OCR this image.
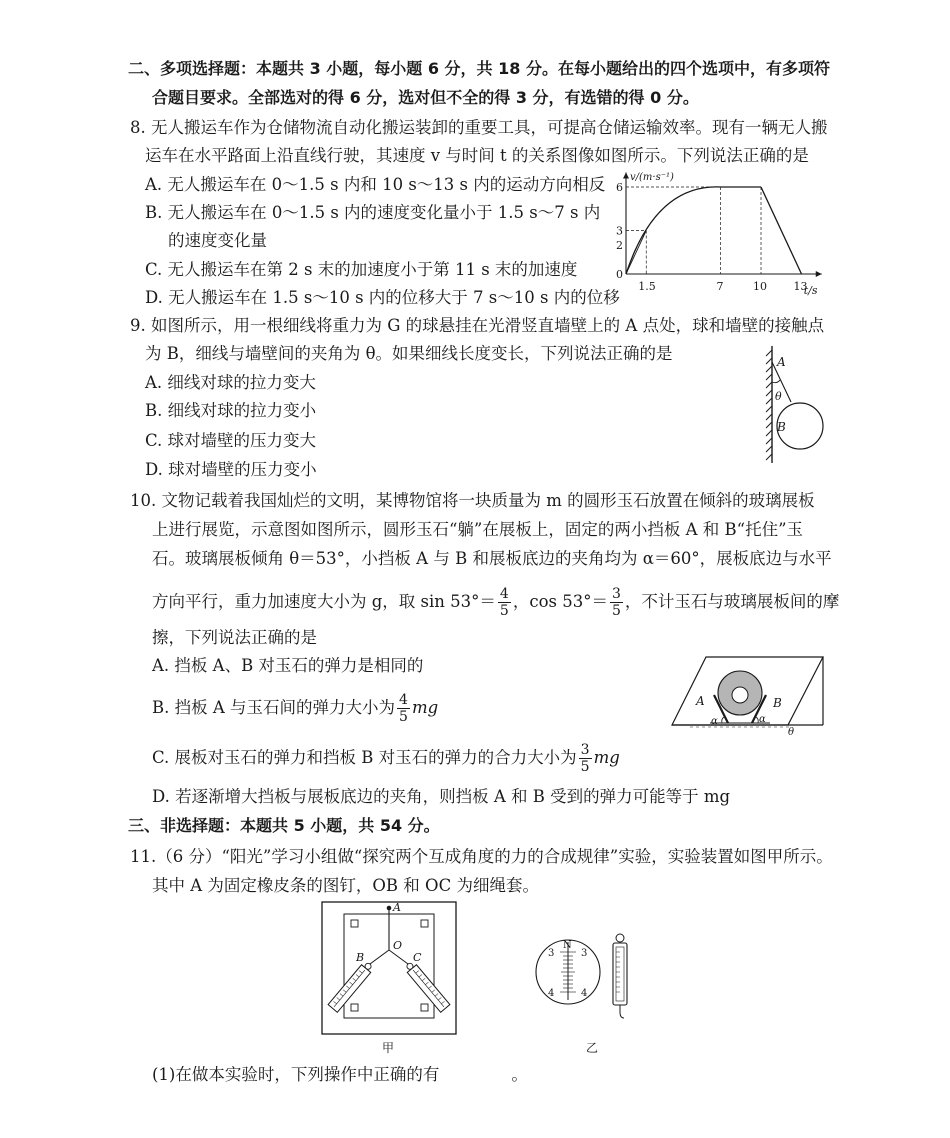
二、多项选择题：本题共 3 小题，每小题 6 分，共 18 分。在每小题给出的四个选项中，有多项符
合题目要求。全部选对的得 6 分，选对但不全的得 3 分，有选错的得 0 分。
8. 无人搬运车作为仓储物流自动化搬运装卸的重要工具，可提高仓储运输效率。现有一辆无人搬
运车在水平路面上沿直线行驶，其速度 v 与时间 t 的关系图像如图所示。下列说法正确的是
A. 无人搬运车在 0～1.5 s 内和 10 s～13 s 内的运动方向相反
B. 无人搬运车在 0～1.5 s 内的速度变化量小于 1.5 s～7 s 内
的速度变化量
C. 无人搬运车在第 2 s 末的加速度小于第 11 s 末的加速度
D. 无人搬运车在 1.5 s～10 s 内的位移大于 7 s～10 s 内的位移
1.5	7	10 13
2
3
6
0
v/(m·s⁻¹)
t/s
9. 如图所示，用一根细线将重力为 G 的球悬挂在光滑竖直墙壁上的 A 点处，球和墙壁的接触点
为 B，细线与墙壁间的夹角为 θ。如果细线长度变长，下列说法正确的是
A. 细线对球的拉力变大
B. 细线对球的拉力变小
C. 球对墙壁的压力变大
D. 球对墙壁的压力变小
A
θ
B
10. 文物记载着我国灿烂的文明，某博物馆将一块质量为 m 的圆形玉石放置在倾斜的玻璃展板
上进行展览，示意图如图所示，圆形玉石“躺”在展板上，固定的两小挡板 A 和 B“托住”玉
石。玻璃展板倾角 θ＝53°，小挡板 A 与 B 和展板底边的夹角均为 α＝60°，展板底边与水平
方向平行，重力加速度大小为 g，取 $\sin 53^\circ= \frac{4}{5}$ ，$\cos 53^\circ= \frac{3}{5}$ ，不计玉石与玻璃展板间的摩
擦，下列说法正确的是
A. 挡板 A、B 对玉石的弹力是相同的
B. 挡板 A 与玉石间的弹力大小为 $\frac{4}{5}$ mg
C. 展板对玉石的弹力和挡板 B 对玉石的弹力的合力大小为 $\frac{3}{5}$ mg
D. 若逐渐增大挡板与展板底边的夹角，则挡板 A 和 B 受到的弹力可能等于 mg
A	B
α	α
θ
三、非选择题：本题共 5 小题，共 54 分。
11.（6 分）“阳光”学习小组做“探究两个互成角度的力的合成规律”实验，实验装置如图甲所示。
其中 A 为固定橡皮条的图钉，OB 和 OC 为细绳套。
A
O
B	C
甲
N
3	3
4	4
乙
(1)在做本实验时，下列操作中正确的有	。
